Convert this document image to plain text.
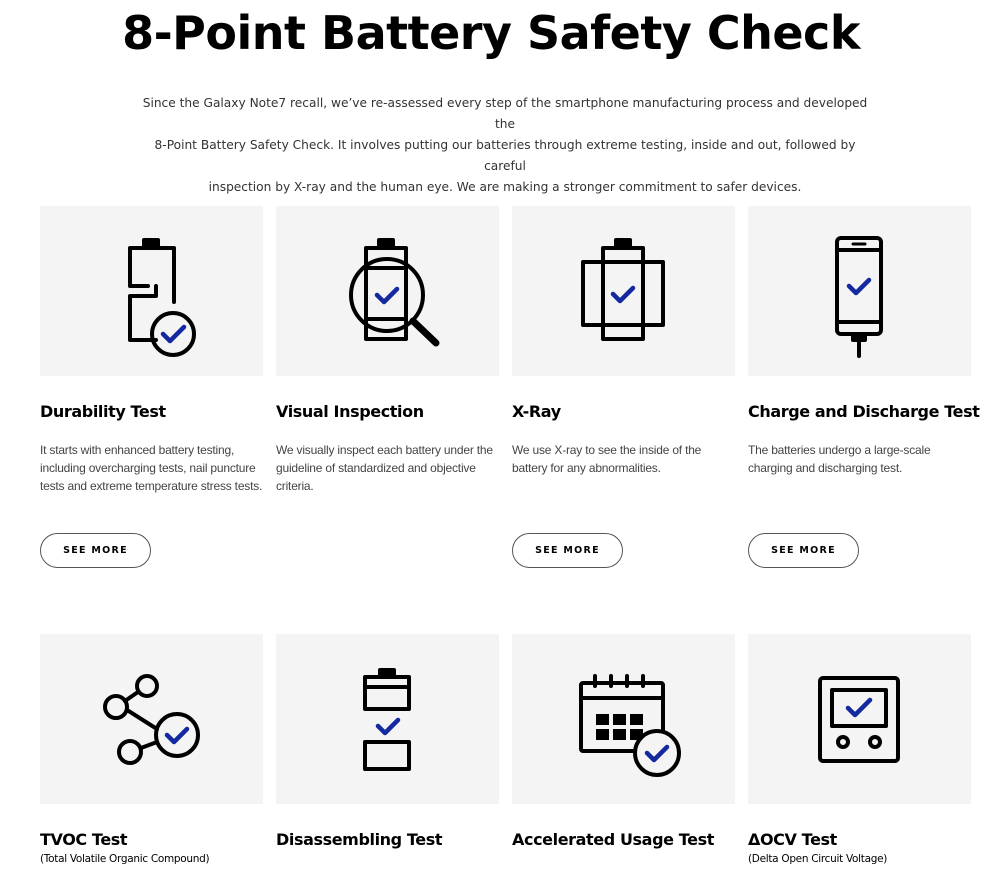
8-Point Battery Safety Check

Since the Galaxy Note7 recall, we’ve re-assessed every step of the smartphone manufacturing process and developed the
8-Point Battery Safety Check. It involves putting our batteries through extreme testing, inside and out, followed by careful
inspection by X-ray and the human eye. We are making a stronger commitment to safer devices.

Durability Test
It starts with enhanced battery testing, including overcharging tests, nail puncture tests and extreme temperature stress tests.
SEE MORE
Visual Inspection
We visually inspect each battery under the guideline of standardized and objective criteria.
X-Ray
We use X-ray to see the inside of the battery for any abnormalities.
SEE MORE
Charge and Discharge Test
The batteries undergo a large-scale charging and discharging test.
SEE MORE
TVOC Test
(Total Volatile Organic Compound)
Disassembling Test	Accelerated Usage Test	ΔOCV Test
(Delta Open Circuit Voltage)
